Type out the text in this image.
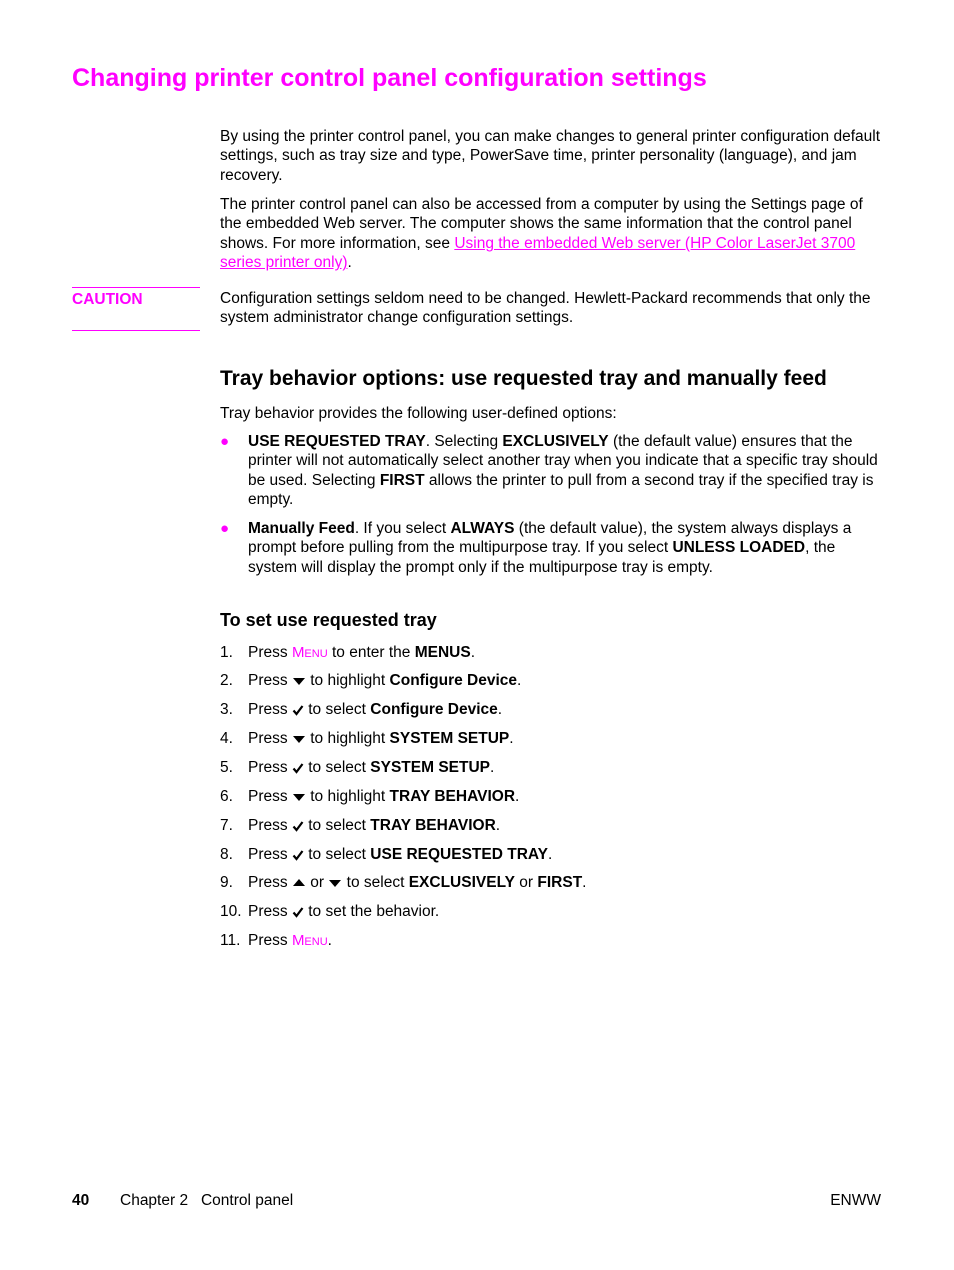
Changing printer control panel configuration settings

By using the printer control panel, you can make changes to general printer configuration default settings, such as tray size and type, PowerSave time, printer personality (language), and jam recovery.

The printer control panel can also be accessed from a computer by using the Settings page of the embedded Web server. The computer shows the same information that the control panel shows. For more information, see Using the embedded Web server (HP Color LaserJet 3700 series printer only).

CAUTION	Configuration settings seldom need to be changed. Hewlett-Packard recommends that only the system administrator change configuration settings.

Tray behavior options: use requested tray and manually feed

Tray behavior provides the following user-defined options:

● USE REQUESTED TRAY. Selecting EXCLUSIVELY (the default value) ensures that the printer will not automatically select another tray when you indicate that a specific tray should be used. Selecting FIRST allows the printer to pull from a second tray if the specified tray is empty.

● Manually Feed. If you select ALWAYS (the default value), the system always displays a prompt before pulling from the multipurpose tray. If you select UNLESS LOADED, the system will display the prompt only if the multipurpose tray is empty.

To set use requested tray
1. Press Menu to enter the MENUS.
2. Press to highlight Configure Device.
3. Press to select Configure Device.
4. Press to highlight SYSTEM SETUP.
5. Press to select SYSTEM SETUP.
6. Press to highlight TRAY BEHAVIOR.
7. Press to select TRAY BEHAVIOR.
8. Press to select USE REQUESTED TRAY.
9. Press or to select EXCLUSIVELY or FIRST.
10. Press to set the behavior.
11. Press Menu.
40 Chapter 2   Control panel	ENWW
